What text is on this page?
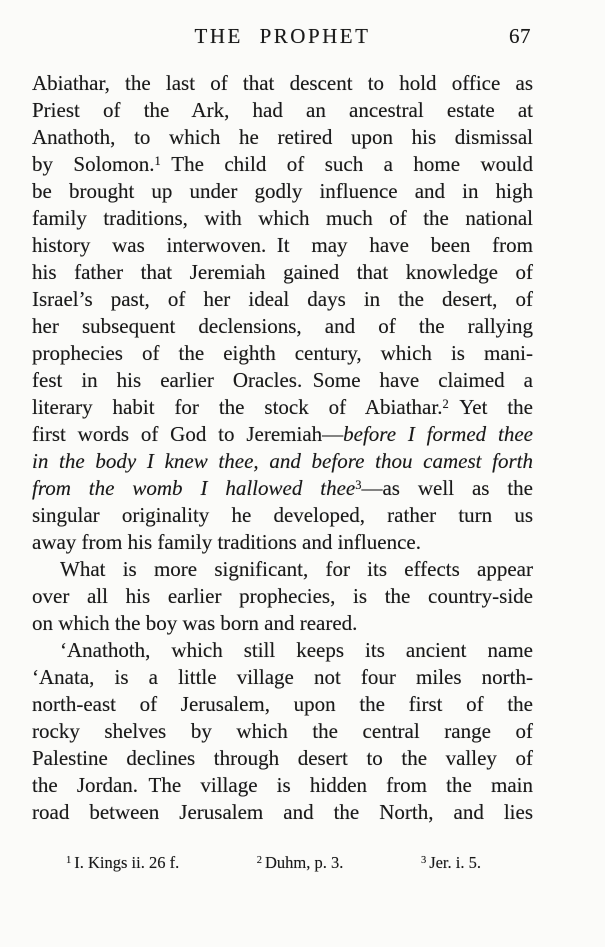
THE PROPHET	67
Abiathar, the last of that descent to hold office as
Priest of the Ark, had an ancestral estate at
Anathoth, to which he retired upon his dismissal
by Solomon.$^1$ The child of such a home would
be brought up under godly influence and in high
family traditions, with which much of the national
history was interwoven. It may have been from
his father that Jeremiah gained that knowledge of
Israel’s past, of her ideal days in the desert, of
her subsequent declensions, and of the rallying
prophecies of the eighth century, which is mani-
fest in his earlier Oracles. Some have claimed a
literary habit for the stock of Abiathar.$^2$ Yet the
first words of God to Jeremiah—before I formed thee
in the body I knew thee, and before thou camest forth
from the womb I hallowed thee$^3$—as well as the
singular originality he developed, rather turn us
away from his family traditions and influence.
What is more significant, for its effects appear
over all his earlier prophecies, is the country-side
on which the boy was born and reared.
‘Anathoth, which still keeps its ancient name
‘Anata, is a little village not four miles north-
north-east of Jerusalem, upon the first of the
rocky shelves by which the central range of
Palestine declines through desert to the valley of
the Jordan. The village is hidden from the main
road between Jerusalem and the North, and lies
$^1$ I. Kings ii. 26 f.	$^2$ Duhm, p. 3.	$^3$ Jer. i. 5.
